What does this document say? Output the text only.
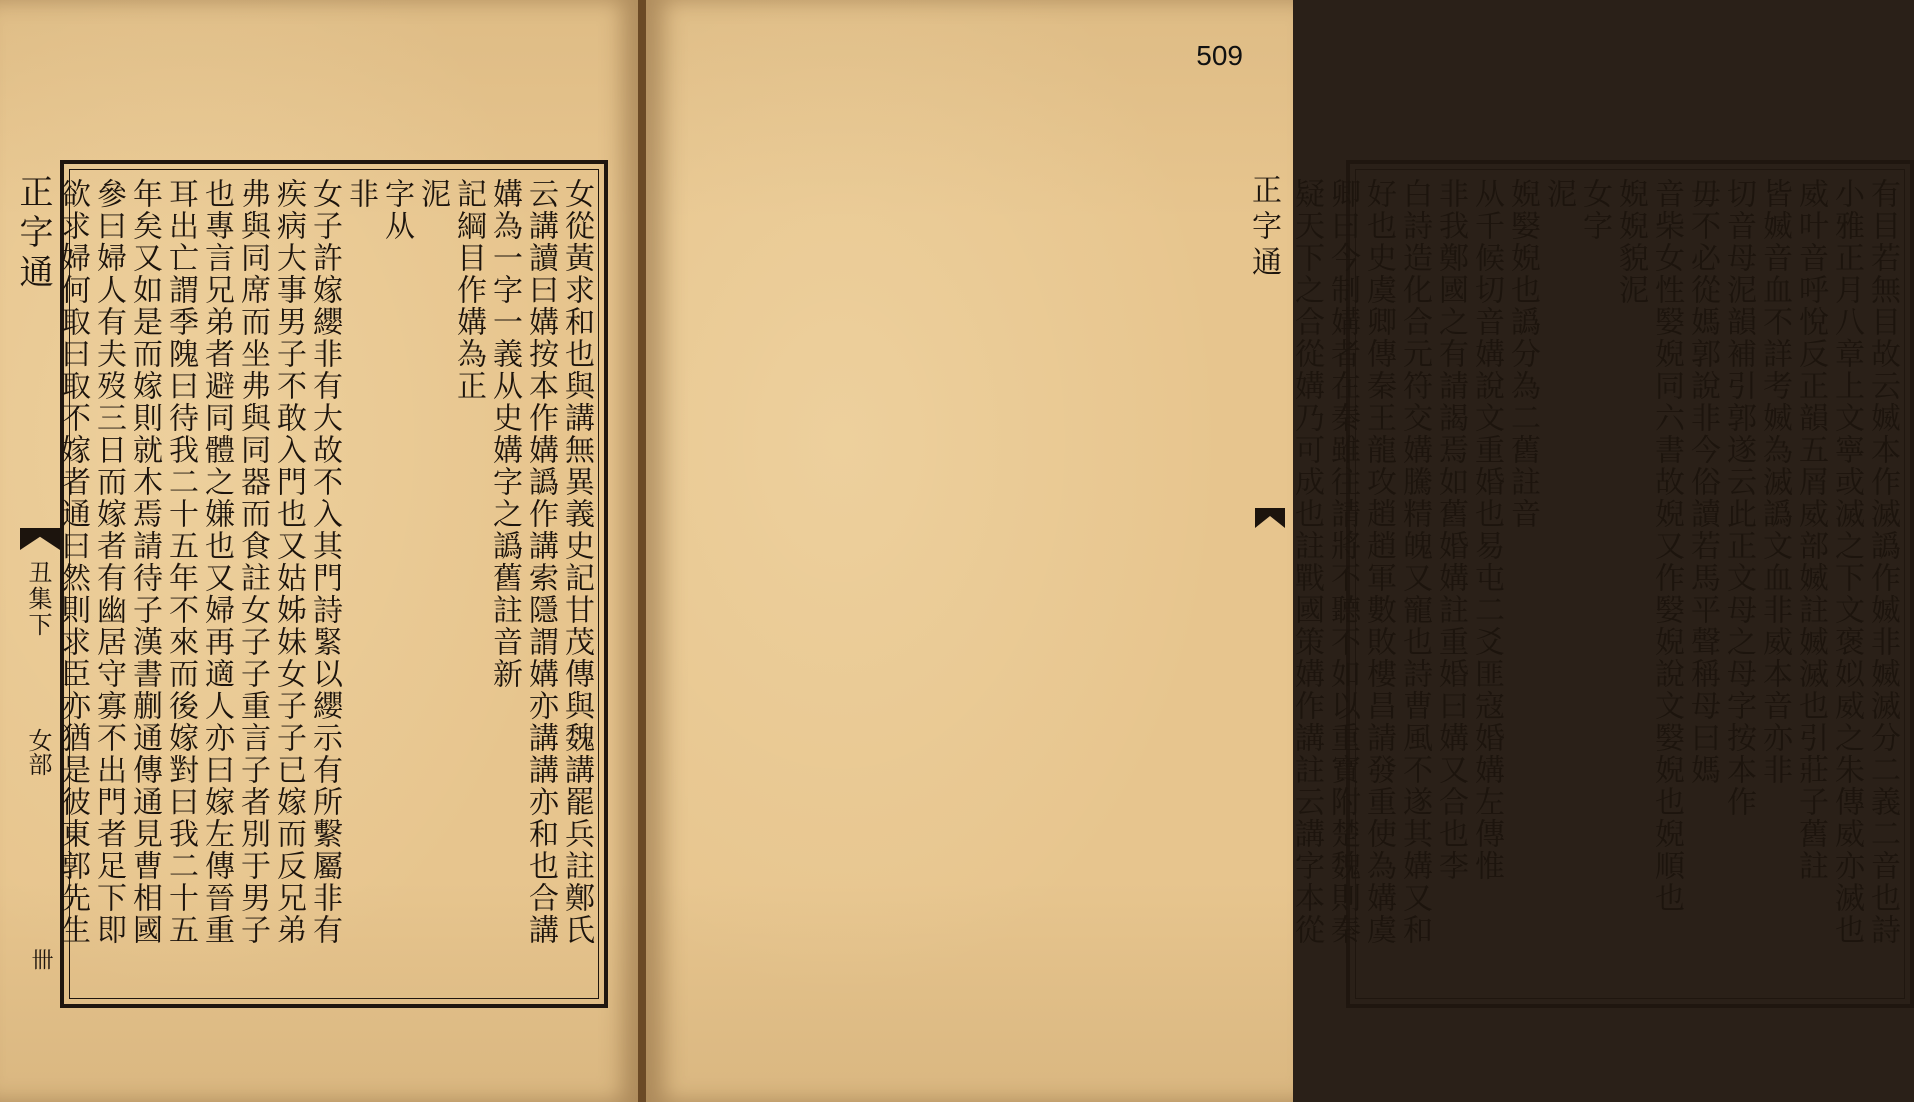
正字通
丑集下
女部
卌
女從黃求和也與講無異義史記甘茂傳與魏講罷兵註鄭氏
云講讀曰媾按本作媾譌作講索隱謂媾亦講講亦和也合講
媾為一字一義从史媾字之譌舊註音新
記綱目作媾為正
泥
字从
非
女子許嫁纓非有大故不入其門詩緊以纓示有所繫屬非有
疾病大事男子不敢入門也又姑姊妹女子子已嫁而反兄弟
弗與同席而坐弗與同器而食註女子子重言子者別于男子
也專言兄弟者避同體之嫌也又婦再適人亦曰嫁左傳晉重
耳出亡謂季隗曰待我二十五年不來而後嫁對曰我二十五
年矣又如是而嫁則就木焉請待子漢書蒯通傳通見曹相國
參曰婦人有夫歿三日而嫁者有幽居守寡不出門者足下即
欲求婦何取曰取不嫁者通曰然則求臣亦猶是彼東郭先生
509
有目若無目故云媙本作滅譌作媙非媙滅分二義二音也詩
小雅正月八章上文寧或滅之下文褒姒威之朱傳威亦滅也
威叶音呼悅反正韻五屑威部媙註媙滅也引莊子舊註
皆媙音血不詳考媙為滅譌文血非威本音亦非
切音母泥韻補引郭遂云此正文母之母字按本作
毋不必從媽郭說非今俗讀若馬平聲稱母曰媽
音柴女性嫛婗同六書故婗又作嫛婗說文嫛婗也婗順也
婗婗貌泥
女字
泥
婗嫛婗也譌分為二舊註音
从千候切音媾說文重婚也易屯二爻匪寇婚媾左傳惟
非我鄭國之有請謁焉如舊婚媾註重婚曰媾又合也李
白詩造化合元符交媾騰精魄又寵也詩曹風不遂其媾又和
好也史虞卿傳秦王龍攻趙趙軍數敗樓昌請發重使為媾虞
卿曰今制媾者在秦雖往請將不聽不如以重寶附楚魏則秦
疑天下之合從媾乃可成也註戰國策媾作講註云講字本從
正字通
